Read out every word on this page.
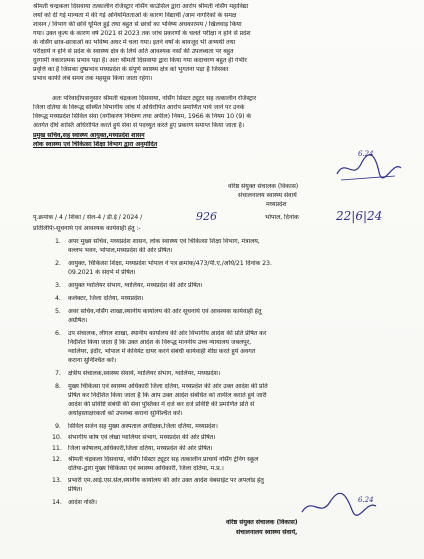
श्रीमती चन्द्रकला दिसवाया तत्कालीन रजिस्ट्रार नर्सिंग काउंसिल द्वारा आरोप श्रीमती नर्सिंग महाविद्या
लयों को दी गई मान्यता में की गई अनियमितताओं के कारण विद्यार्थी /आम नागरिकों के समक्ष
शासन / विभाग की छवि धूमिल हुई तथा बहुत से छात्रों का भविष्य अधकारमय / खिलवाड़ किया
गया। उक्त कृत्य के कारण वर्ष 2021 से 2023 तक जांच प्रकरणों के चलते परीक्षा न होने से प्रदेश
के नर्सिंग छात्र-छात्राओं का भविष्य अधर में चला गया। इतने वर्षों के बावजूद भी अभ्यर्थी तथा
परीक्षायें न होने से प्रदेश के स्वास्थ्य क्षेत्र के लिये अति आवश्यक नर्सों की उपलब्धता पर बहुत
दुरगामी नकारात्मक प्रभाव पड़ा है। अतः श्रीमती दिसवाया द्वारा किया गया कदाचरण बहुत ही गंभीर
प्रवृत्ति का है जिसका दुष्प्रभाव मध्यप्रदेश के संपूर्ण स्वास्थ्य क्षेत्र को भुगतना पड़ा है जिसका
प्रभाव काफी लंबे समय तक महसूस किया जाता रहेगा।
अतः परिवादीपत्रानुसार श्रीमती चंद्रकला दिसवाया, नर्सिंग सिस्टर ट्यूटर सह तत्कालीन रजिस्ट्रार
जिला दतिया के विरूद्ध संस्थित विभागीय जांच में अधिरोपित आरोप प्रमाणित पाये जाने पर उनके
विरूद्ध मध्यप्रदेश सिविल सेवा (वर्गीकरण नियंत्रण तथा अपील) नियम, 1966 के नियम 10 (9) के
अंतर्गत दीर्घ शास्ति अधिरोपित करते हुये सेवा से पदच्युत करते हुए प्रकरण समाप्त किया जाता है।
प्रमुख सचिव,सह स्वास्थ्य आयुक्त,मध्यप्रदेश शासन
लोक स्वास्थ्य एवं चिकित्सा शिक्षा विभाग द्वारा अनुमोदित
6.24
वरिष्ठ संयुक्त संचालक (विकास)
संचालनालय स्वास्थ्य सेवायें
मध्यप्रदेश
पृ.क्रमांक / 4 / शिका / सेल-4 / डी.ई / 2024 /	926	भोपाल, दिनांक	22|6|24
प्रतिलिपिः-सूचनार्थ एवं आवश्यक कार्यवाही हेतु :-
1.	अपर मुख्य सचिव, मध्यप्रदेश शासन, लोक स्वास्थ्य एवं चिकित्सा शिक्षा विभाग, मंत्रालय,
वल्लभ भवन, भोपाल,मध्यप्रदेश की ओर प्रेषित।
2.	आयुक्त, चिकित्सा शिक्षा, मध्यप्रदेश भोपाल ने पत्र क्रमांक/473/पी.ए./अधि/21 दिनांक 23.
09.2021 के संदर्भ में प्रेषित।
3.	आयुक्त ग्वालियर संभाग, ग्वालियर, मध्यप्रदेश की ओर प्रेषित।
4.	कलेक्टर, जिला दतिया, मध्यप्रदेश।
5.	अवर सचिव,नर्सिंग शाखा,स्थानीय कार्यालय की ओर सूचनार्थ एवं आवश्यक कार्यवाही हेतु
अग्रेषित।
6.	उप संचालक, लीगल शाखा, स्थानीय कार्यालय की ओर विभागीय आदेश की प्रति प्रेषित कर
निर्देशित किया जाता है कि उक्त आदेश के विरूद्ध माननीय उच्च न्यायालय जबलपुर,
ग्वालियर, इंदौर, भोपाल में केवियेट दायर करने संबंधी कार्यवाही शीघ्र करते हुये अवगत
कराना सुनिश्चित करें।
7.	क्षेत्रीय संचालक,स्वास्थ्य सेवायें, ग्वालियर संभाग, ग्वालियर, मध्यप्रदेश।
8.	मुख्य चिकित्सा एवं स्वास्थ्य अधिकारी जिला दतिया, मध्यप्रदेश की ओर उक्त आदेश की प्रति
प्रेषित कर निर्देशित किया जाता है कि आप उक्त आदेश संबंधित को तामील कराते हुये जारी
आदेश की प्रविष्टि संबंधी की सेवा पुस्तिका में दर्ज कर दर्ज प्रविष्टि की प्रमाणित प्रति से
अधोहस्ताक्षरकर्ता को उपलब्ध कराना सुनिश्चित करें।
9.	सिविल सर्जन सह मुख्य अस्पताल अधीक्षक,जिला दतिया, मध्यप्रदेश।
10. संभागीय कोष एवं लेखा ग्वालियर संभाग, मध्यप्रदेश की ओर प्रेषित।
11. जिला कोषालय,अधिकारी,जिला दतिया, मध्यप्रदेश की ओर प्रेषित।
12. श्रीमती चंद्रकला दिसवाया, नर्सिंग सिस्टर ट्यूटर सह तत्कालीन प्राचार्य नर्सिंग ट्रेनिंग स्कूल
दतिया-द्वारा मुख्य चिकित्सा एवं स्वास्थ्य अधिकारी, जिला दतिया, म.प्र.।
13. प्रभारी एम.आई.एस.सेल,स्थानीय कार्यालय की ओर उक्त आदेश वेबसाईट पर अपलोड हेतु
प्रेषित।
14. आदेश नस्ति।	6.24
वरिष्ठ संयुक्त संचालक (विकास)
संचालनालय स्वास्थ्य सेवायें,
